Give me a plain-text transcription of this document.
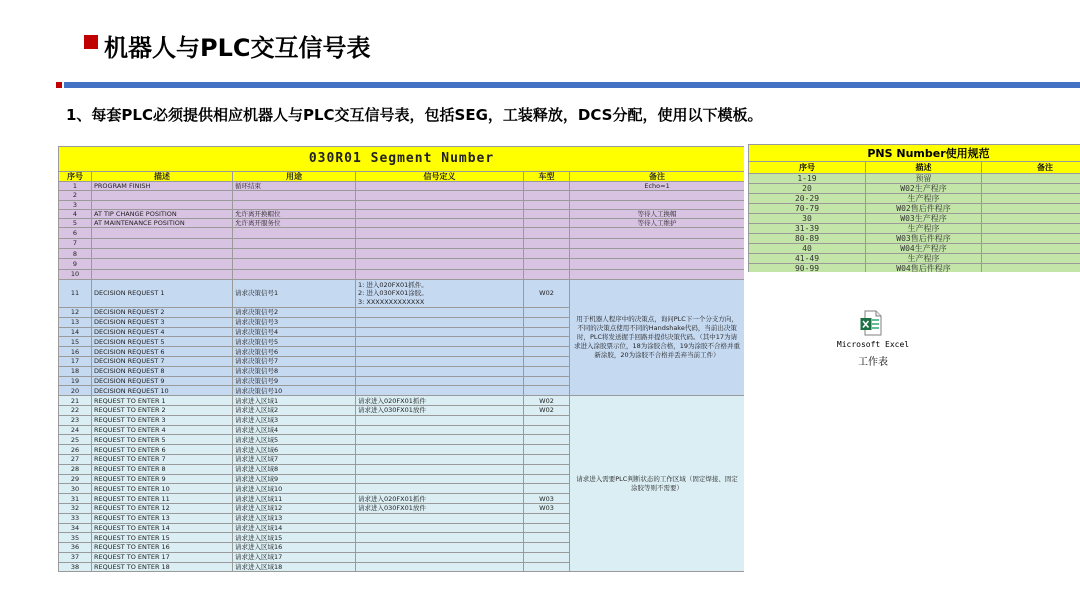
机器人与PLC交互信号表
1、每套PLC必须提供相应机器人与PLC交互信号表，包括SEG，工装释放，DCS分配，使用以下模板。
030R01 Segment Number					
序号	描述	用途	信号定义	车型	备注
1	PROGRAM FINISH	循环结束			Echo=1
2					
3					
4	AT TIP CHANGE POSITION	允许离开换帽位			等待人工换帽
5	AT MAINTENANCE POSITION	允许离开服务位			等待人工维护
6					
7					
8					
9					
10					
11	DECISION REQUEST 1	请求决策信号1	1: 进入020FX01抓件。
2: 进入030FX01涂胶。
3: XXXXXXXXXXXXX	W02	用于机器人程序中的决策点，询问PLC下一个分支方向，不同的决策点使用不同的Handshake代码，当前出决策时，PLC将发送握手回路并提供决策代码。（其中17为请求进入涂胶票示位，18为涂胶合格，19为涂胶不合格并重新涂胶，20为涂胶不合格并丢弃当前工件）
12	DECISION REQUEST 2	请求决策信号2			
13	DECISION REQUEST 3	请求决策信号3			
14	DECISION REQUEST 4	请求决策信号4			
15	DECISION REQUEST 5	请求决策信号5			
16	DECISION REQUEST 6	请求决策信号6			
17	DECISION REQUEST 7	请求决策信号7			
18	DECISION REQUEST 8	请求决策信号8			
19	DECISION REQUEST 9	请求决策信号9			
20	DECISION REQUEST 10	请求决策信号10			
21	REQUEST TO ENTER 1	请求进入区域1	请求进入020FX01抓件	W02	请求进入需要PLC判断状态的工作区域（固定焊接、固定涂胶等则不需要）
22	REQUEST TO ENTER 2	请求进入区域2	请求进入030FX01放件	W02	
23	REQUEST TO ENTER 3	请求进入区域3			
24	REQUEST TO ENTER 4	请求进入区域4			
25	REQUEST TO ENTER 5	请求进入区域5			
26	REQUEST TO ENTER 6	请求进入区域6			
27	REQUEST TO ENTER 7	请求进入区域7			
28	REQUEST TO ENTER 8	请求进入区域8			
29	REQUEST TO ENTER 9	请求进入区域9			
30	REQUEST TO ENTER 10	请求进入区域10			
31	REQUEST TO ENTER 11	请求进入区域11	请求进入020FX01抓件	W03	
32	REQUEST TO ENTER 12	请求进入区域12	请求进入030FX01放件	W03	
33	REQUEST TO ENTER 13	请求进入区域13			
34	REQUEST TO ENTER 14	请求进入区域14			
35	REQUEST TO ENTER 15	请求进入区域15			
36	REQUEST TO ENTER 16	请求进入区域16			
37	REQUEST TO ENTER 17	请求进入区域17			
38	REQUEST TO ENTER 18	请求进入区域18			
PNS Number使用规范		
序号	描述	备注
1-19	预留	
20	W02生产程序	
20-29	生产程序	
70-79	W02售后件程序	
30	W03生产程序	
31-39	生产程序	
80-89	W03售后件程序	
40	W04生产程序	
41-49	生产程序	
90-99	W04售后件程序	
Microsoft Excel
工作表
